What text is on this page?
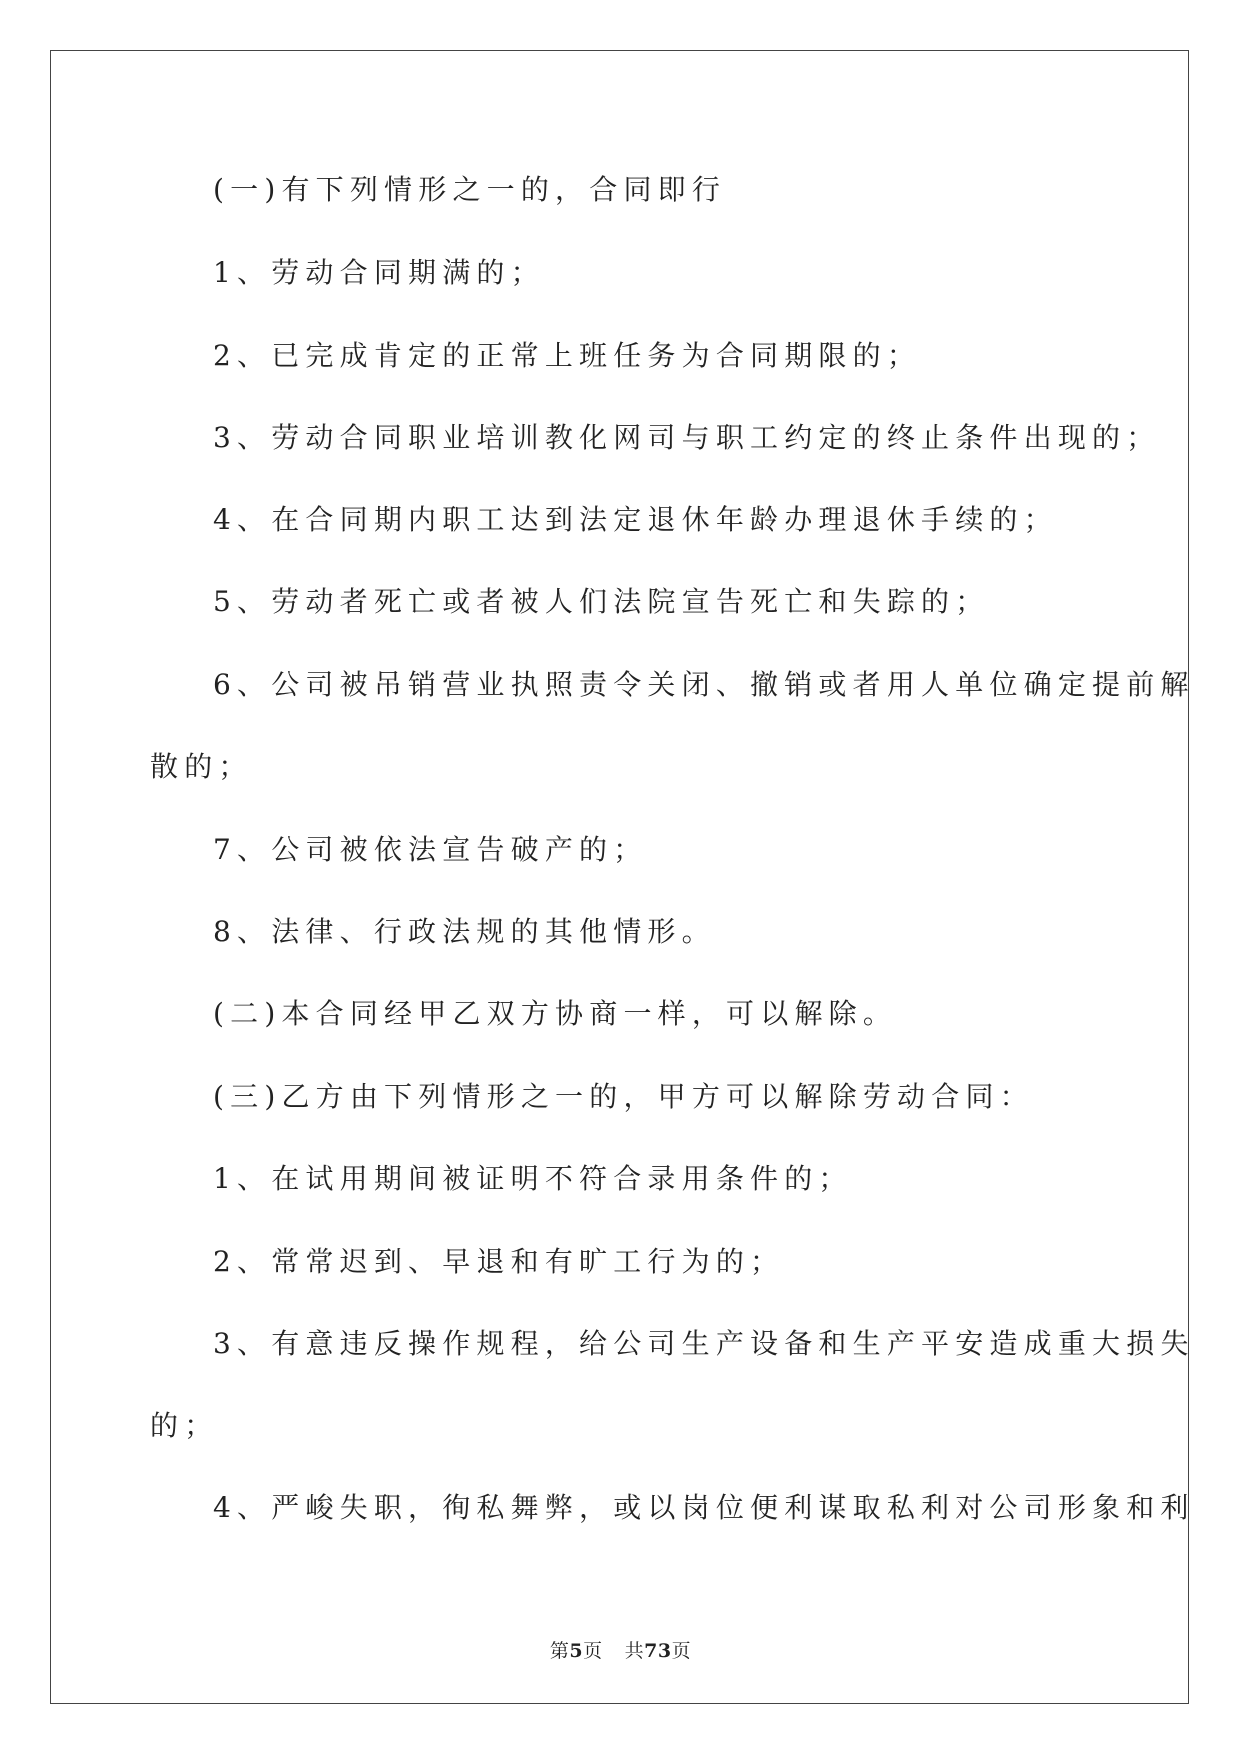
(一)有下列情形之一的，合同即行
1、劳动合同期满的；
2、已完成肯定的正常上班任务为合同期限的；
3、劳动合同职业培训教化网司与职工约定的终止条件出现的；
4、在合同期内职工达到法定退休年龄办理退休手续的；
5、劳动者死亡或者被人们法院宣告死亡和失踪的；
6、公司被吊销营业执照责令关闭、撤销或者用人单位确定提前解
散的；
7、公司被依法宣告破产的；
8、法律、行政法规的其他情形。
(二)本合同经甲乙双方协商一样，可以解除。
(三)乙方由下列情形之一的，甲方可以解除劳动合同：
1、在试用期间被证明不符合录用条件的；
2、常常迟到、早退和有旷工行为的；
3、有意违反操作规程，给公司生产设备和生产平安造成重大损失
的；
4、严峻失职，徇私舞弊，或以岗位便利谋取私利对公司形象和利
第5页 共73页
